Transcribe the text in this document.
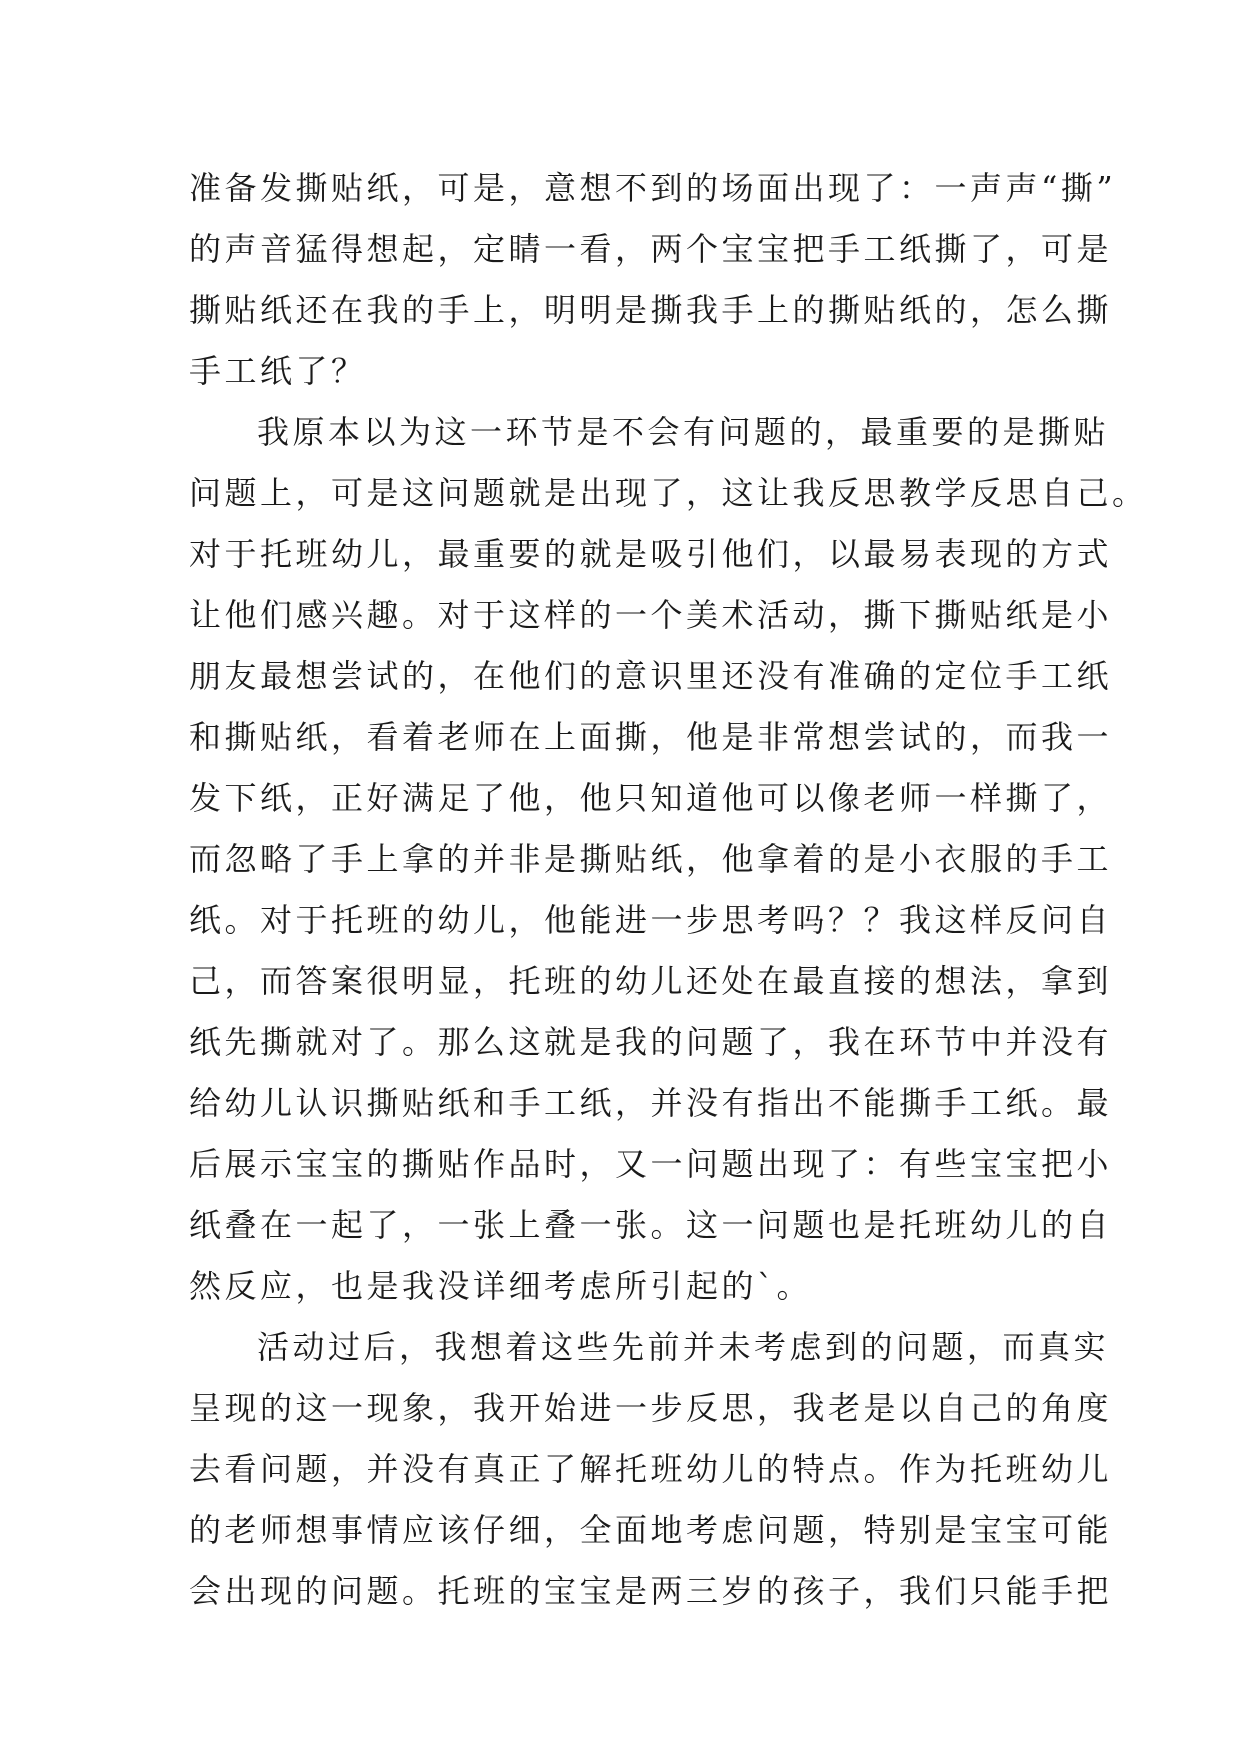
准备发撕贴纸，可是，意想不到的场面出现了：一声声“撕”
的声音猛得想起，定睛一看，两个宝宝把手工纸撕了，可是
撕贴纸还在我的手上，明明是撕我手上的撕贴纸的，怎么撕
手工纸了？
我原本以为这一环节是不会有问题的，最重要的是撕贴
问题上，可是这问题就是出现了，这让我反思教学反思自己。
对于托班幼儿，最重要的就是吸引他们，以最易表现的方式
让他们感兴趣。对于这样的一个美术活动，撕下撕贴纸是小
朋友最想尝试的，在他们的意识里还没有准确的定位手工纸
和撕贴纸，看着老师在上面撕，他是非常想尝试的，而我一
发下纸，正好满足了他，他只知道他可以像老师一样撕了，
而忽略了手上拿的并非是撕贴纸，他拿着的是小衣服的手工
纸。对于托班的幼儿，他能进一步思考吗？？我这样反问自
己，而答案很明显，托班的幼儿还处在最直接的想法，拿到
纸先撕就对了。那么这就是我的问题了，我在环节中并没有
给幼儿认识撕贴纸和手工纸，并没有指出不能撕手工纸。最
后展示宝宝的撕贴作品时，又一问题出现了：有些宝宝把小
纸叠在一起了，一张上叠一张。这一问题也是托班幼儿的自
然反应，也是我没详细考虑所引起的`。
活动过后，我想着这些先前并未考虑到的问题，而真实
呈现的这一现象，我开始进一步反思，我老是以自己的角度
去看问题，并没有真正了解托班幼儿的特点。作为托班幼儿
的老师想事情应该仔细，全面地考虑问题，特别是宝宝可能
会出现的问题。托班的宝宝是两三岁的孩子，我们只能手把
